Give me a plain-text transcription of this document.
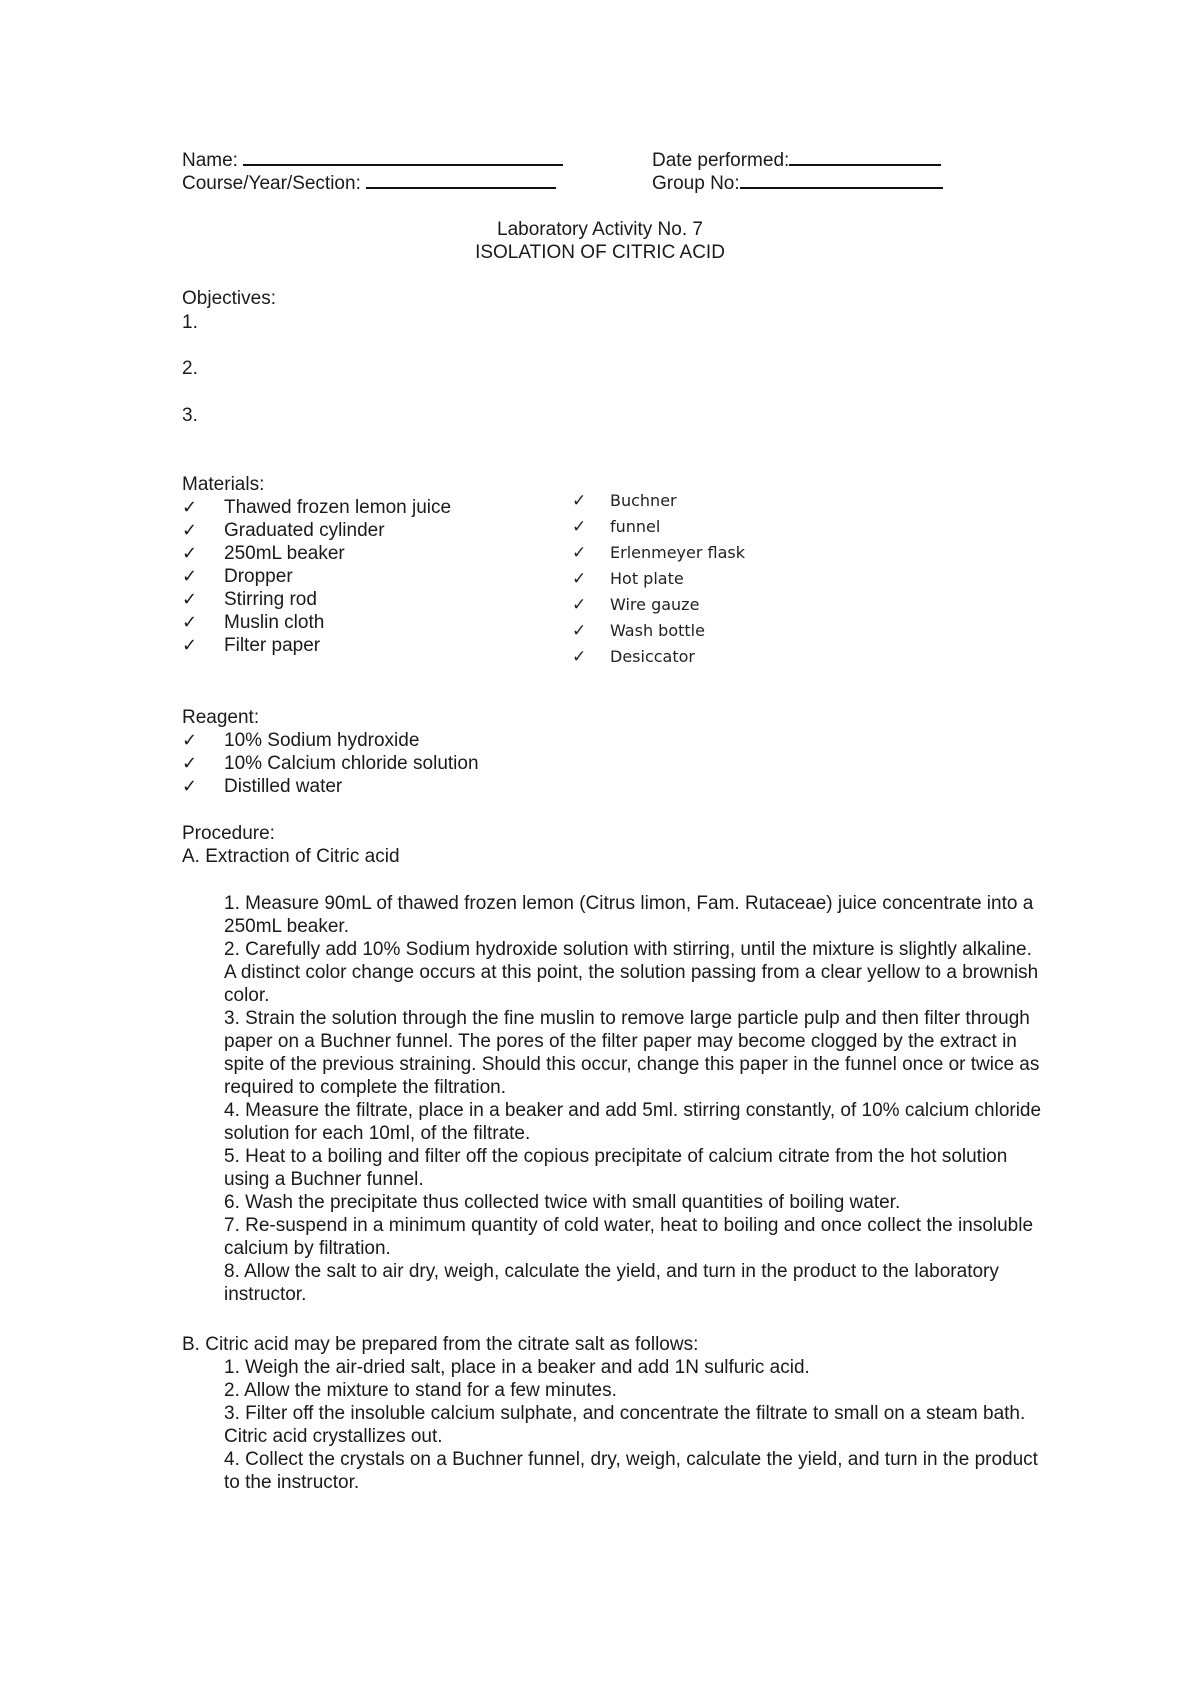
Name:
Course/Year/Section:
Date performed:
Group No:
Laboratory Activity No. 7
ISOLATION OF CITRIC ACID
Objectives:
1.
2.
3.
Materials:
✓ Thawed frozen lemon juice
✓ Graduated cylinder
✓ 250mL beaker
✓ Dropper
✓ Stirring rod
✓ Muslin cloth
✓ Filter paper
✓ Buchner
✓ funnel
✓ Erlenmeyer flask
✓ Hot plate
✓ Wire gauze
✓ Wash bottle
✓ Desiccator
Reagent:
✓ 10% Sodium hydroxide
✓ 10% Calcium chloride solution
✓ Distilled water
Procedure:
A. Extraction of Citric acid
1. Measure 90mL of thawed frozen lemon (Citrus limon, Fam. Rutaceae) juice concentrate into a 250mL beaker.
2. Carefully add 10% Sodium hydroxide solution with stirring, until the mixture is slightly alkaline. A distinct color change occurs at this point, the solution passing from a clear yellow to a brownish color.
3. Strain the solution through the fine muslin to remove large particle pulp and then filter through paper on a Buchner funnel. The pores of the filter paper may become clogged by the extract in spite of the previous straining. Should this occur, change this paper in the funnel once or twice as required to complete the filtration.
4. Measure the filtrate, place in a beaker and add 5ml. stirring constantly, of 10% calcium chloride solution for each 10ml, of the filtrate.
5. Heat to a boiling and filter off the copious precipitate of calcium citrate from the hot solution using a Buchner funnel.
6. Wash the precipitate thus collected twice with small quantities of boiling water.
7. Re-suspend in a minimum quantity of cold water, heat to boiling and once collect the insoluble calcium by filtration.
8. Allow the salt to air dry, weigh, calculate the yield, and turn in the product to the laboratory instructor.
B. Citric acid may be prepared from the citrate salt as follows:
1. Weigh the air-dried salt, place in a beaker and add 1N sulfuric acid.
2. Allow the mixture to stand for a few minutes.
3. Filter off the insoluble calcium sulphate, and concentrate the filtrate to small on a steam bath. Citric acid crystallizes out.
4. Collect the crystals on a Buchner funnel, dry, weigh, calculate the yield, and turn in the product to the instructor.
